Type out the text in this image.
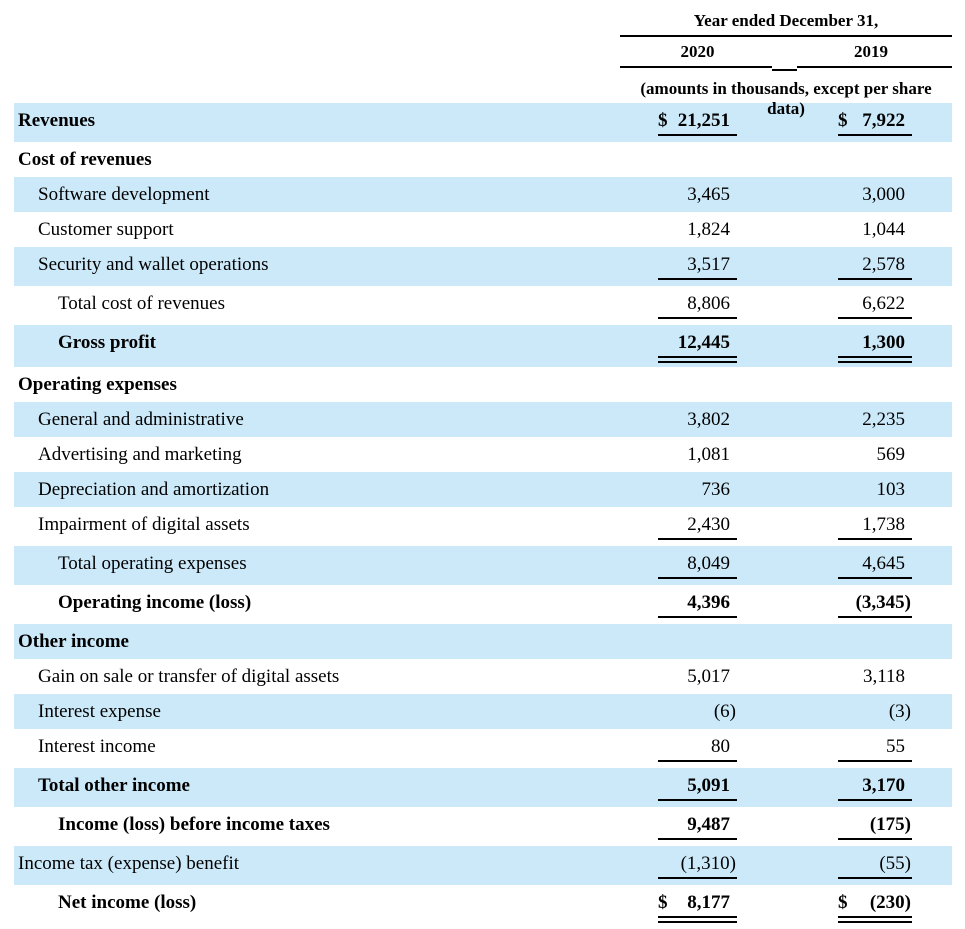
Year ended December 31,
2020	2019
(amounts in thousands, except per share data)
Revenues	$ 21,251	$ 7,922
Cost of revenues
Software development	3,465	3,000
Customer support	1,824	1,044
Security and wallet operations	3,517	2,578
Total cost of revenues	8,806	6,622
Gross profit	12,445	1,300
Operating expenses
General and administrative	3,802	2,235
Advertising and marketing	1,081	569
Depreciation and amortization	736	103
Impairment of digital assets	2,430	1,738
Total operating expenses	8,049	4,645
Operating income (loss)	4,396	(3,345)
Other income
Gain on sale or transfer of digital assets	5,017	3,118
Interest expense	(6)	(3)
Interest income	80	55
Total other income	5,091	3,170
Income (loss) before income taxes	9,487	(175)
Income tax (expense) benefit	(1,310)	(55)
Net income (loss)	$ 8,177	$ (230)
